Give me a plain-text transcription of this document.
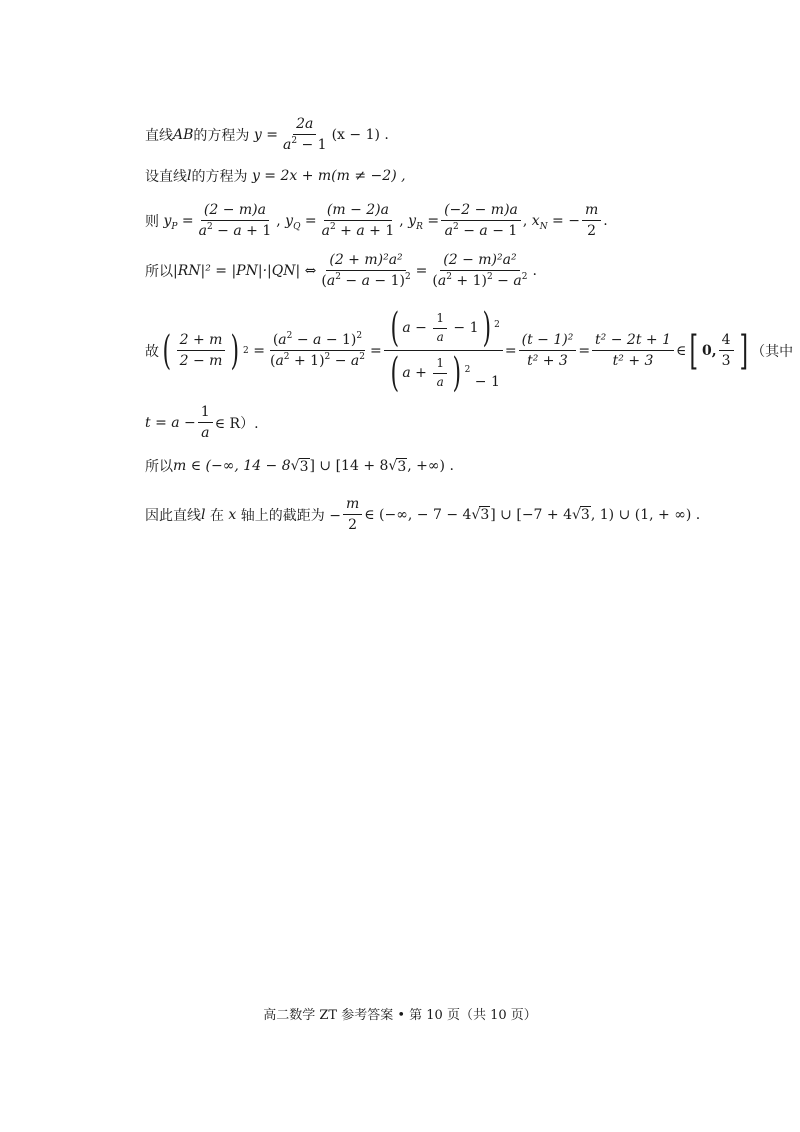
直线 AB 的方程为 $y = \frac{2a}{a^2 - 1} (x - 1)$ .
设直线 l 的方程为
y = 2x + m(m ≠ −2) ,
则 $y_P = \frac{(2 - m)a}{a^2 - a + 1}$ , $y_Q = \frac{(m - 2)a}{a^2 + a + 1}$ , $y_R = \frac{(-2 - m)a}{a^2 - a - 1}$ , $x_N$ = − $\frac{m}{2}$ .
所以 |RN|² = |PN|·|QN| ⇔ $\frac{\text{(2 + m)²a²}}{(a^2 - a - 1)^2} = \frac{\text{(2 − m)²a²}}{(a^2 + 1)^2 - a^2}$ .
故 ( $\frac{2 + m}{2 - m}$ ) $2 = \frac{(a^2 - a - 1)^2}{(a^2 + 1)^2 - a^2} = \frac{( a - \frac{1}{a} - 1 ) ^2}{( a + \frac{1}{a} ) ^2 - 1} = \frac{\text{(t − 1)²}}{\text{t² + 3}} = \frac{\text{t² − 2t + 1}}{\text{t² + 3}}$ ∈ [ 0, $\frac{4}{3}$ ] （其中
$t = a - \frac{1}{a}$ ∈ R）.
所以 m ∈ (−∞, 14 − 8 √ 3 ] ∪ [14 + 8 √ 3 , +∞) .
因此直线 l
在
x
轴上的截距为 − $\frac{m}{2}$ ∈ (−∞, − 7 − 4 √ 3 ] ∪ [−7 + 4 √ 3 , 1) ∪ (1, + ∞) .
高二数学 ZT 参考答案 • 第 10 页（共 10 页）
